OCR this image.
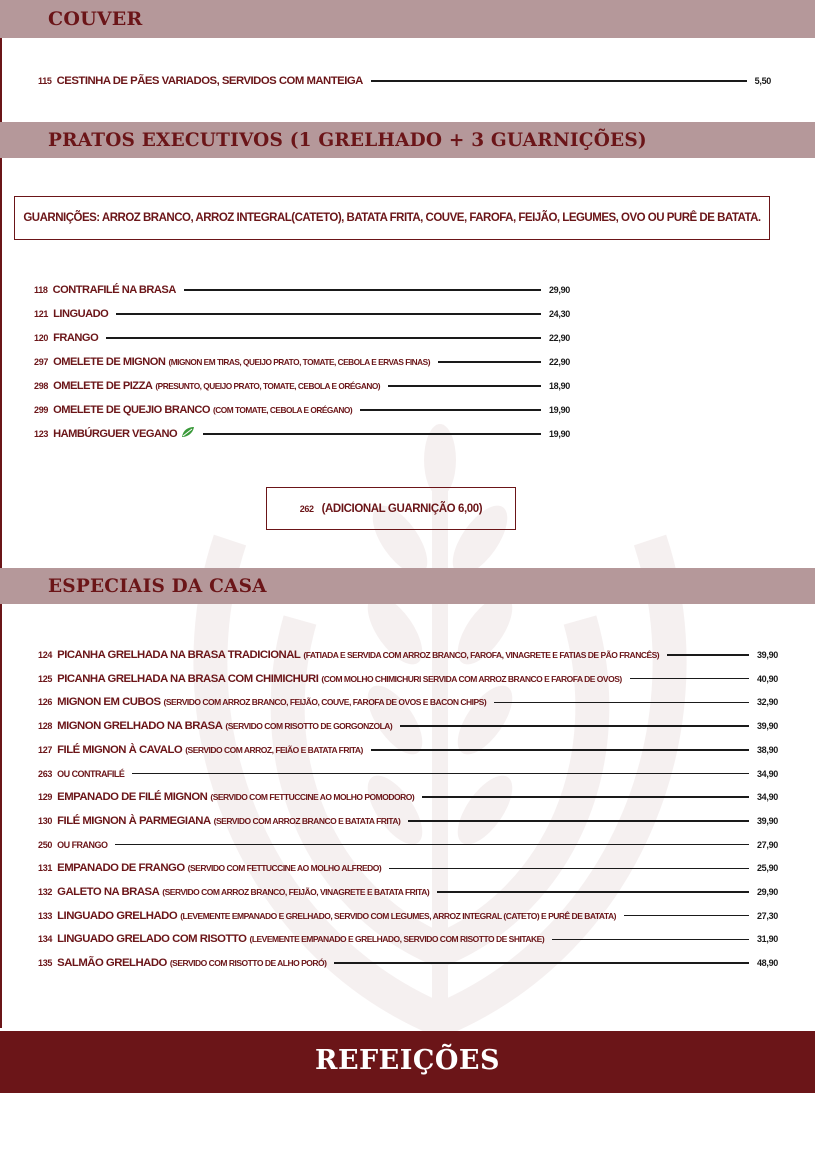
COUVER
115 CESTINHA DE PÃES VARIADOS, SERVIDOS COM MANTEIGA	5,50
PRATOS EXECUTIVOS (1 GRELHADO + 3 GUARNIÇÕES)
GUARNIÇÕES: ARROZ BRANCO, ARROZ INTEGRAL(CATETO), BATATA FRITA, COUVE, FAROFA, FEIJÃO, LEGUMES, OVO OU PURÊ DE BATATA.
118 CONTRAFILÉ NA BRASA	29,90
121 LINGUADO	24,30
120 FRANGO	22,90
297 OMELETE DE MIGNON (MIGNON EM TIRAS, QUEIJO PRATO, TOMATE, CEBOLA E ERVAS FINAS)	22,90
298 OMELETE DE PIZZA (PRESUNTO, QUEIJO PRATO, TOMATE, CEBOLA E ORÉGANO)	18,90
299 OMELETE DE QUEJIO BRANCO (COM TOMATE, CEBOLA E ORÉGANO)	19,90
123 HAMBÚRGUER VEGANO	19,90
262 (ADICIONAL GUARNIÇÃO 6,00)
ESPECIAIS DA CASA
124 PICANHA GRELHADA NA BRASA TRADICIONAL (FATIADA E SERVIDA COM ARROZ BRANCO, FAROFA, VINAGRETE E FATIAS DE PÃO FRANCÊS)	39,90
125 PICANHA GRELHADA NA BRASA COM CHIMICHURI (COM MOLHO CHIMICHURI SERVIDA COM ARROZ BRANCO E FAROFA DE OVOS)	40,90
126 MIGNON EM CUBOS (SERVIDO COM ARROZ BRANCO, FEIJÃO, COUVE, FAROFA DE OVOS E BACON CHIPS)	32,90
128 MIGNON GRELHADO NA BRASA (SERVIDO COM RISOTTO DE GORGONZOLA)	39,90
127 FILÉ MIGNON À CAVALO (SERVIDO COM ARROZ, FEIÃO E BATATA FRITA)	38,90
263 OU CONTRAFILÉ	34,90
129 EMPANADO DE FILÉ MIGNON (SERVIDO COM FETTUCCINE AO MOLHO POMODORO)	34,90
130 FILÉ MIGNON À PARMEGIANA (SERVIDO COM ARROZ BRANCO E BATATA FRITA)	39,90
250 OU FRANGO	27,90
131 EMPANADO DE FRANGO (SERVIDO COM FETTUCCINE AO MOLHO ALFREDO)	25,90
132 GALETO NA BRASA (SERVIDO COM ARROZ BRANCO, FEIJÃO, VINAGRETE E BATATA FRITA)	29,90
133 LINGUADO GRELHADO (LEVEMENTE EMPANADO E GRELHADO, SERVIDO COM LEGUMES, ARROZ INTEGRAL (CATETO) E PURÊ DE BATATA)	27,30
134 LINGUADO GRELADO COM RISOTTO (LEVEMENTE EMPANADO E GRELHADO, SERVIDO COM RISOTTO DE SHITAKE)	31,90
135 SALMÃO GRELHADO (SERVIDO COM RISOTTO DE ALHO PORÓ)	48,90
REFEIÇÕES
